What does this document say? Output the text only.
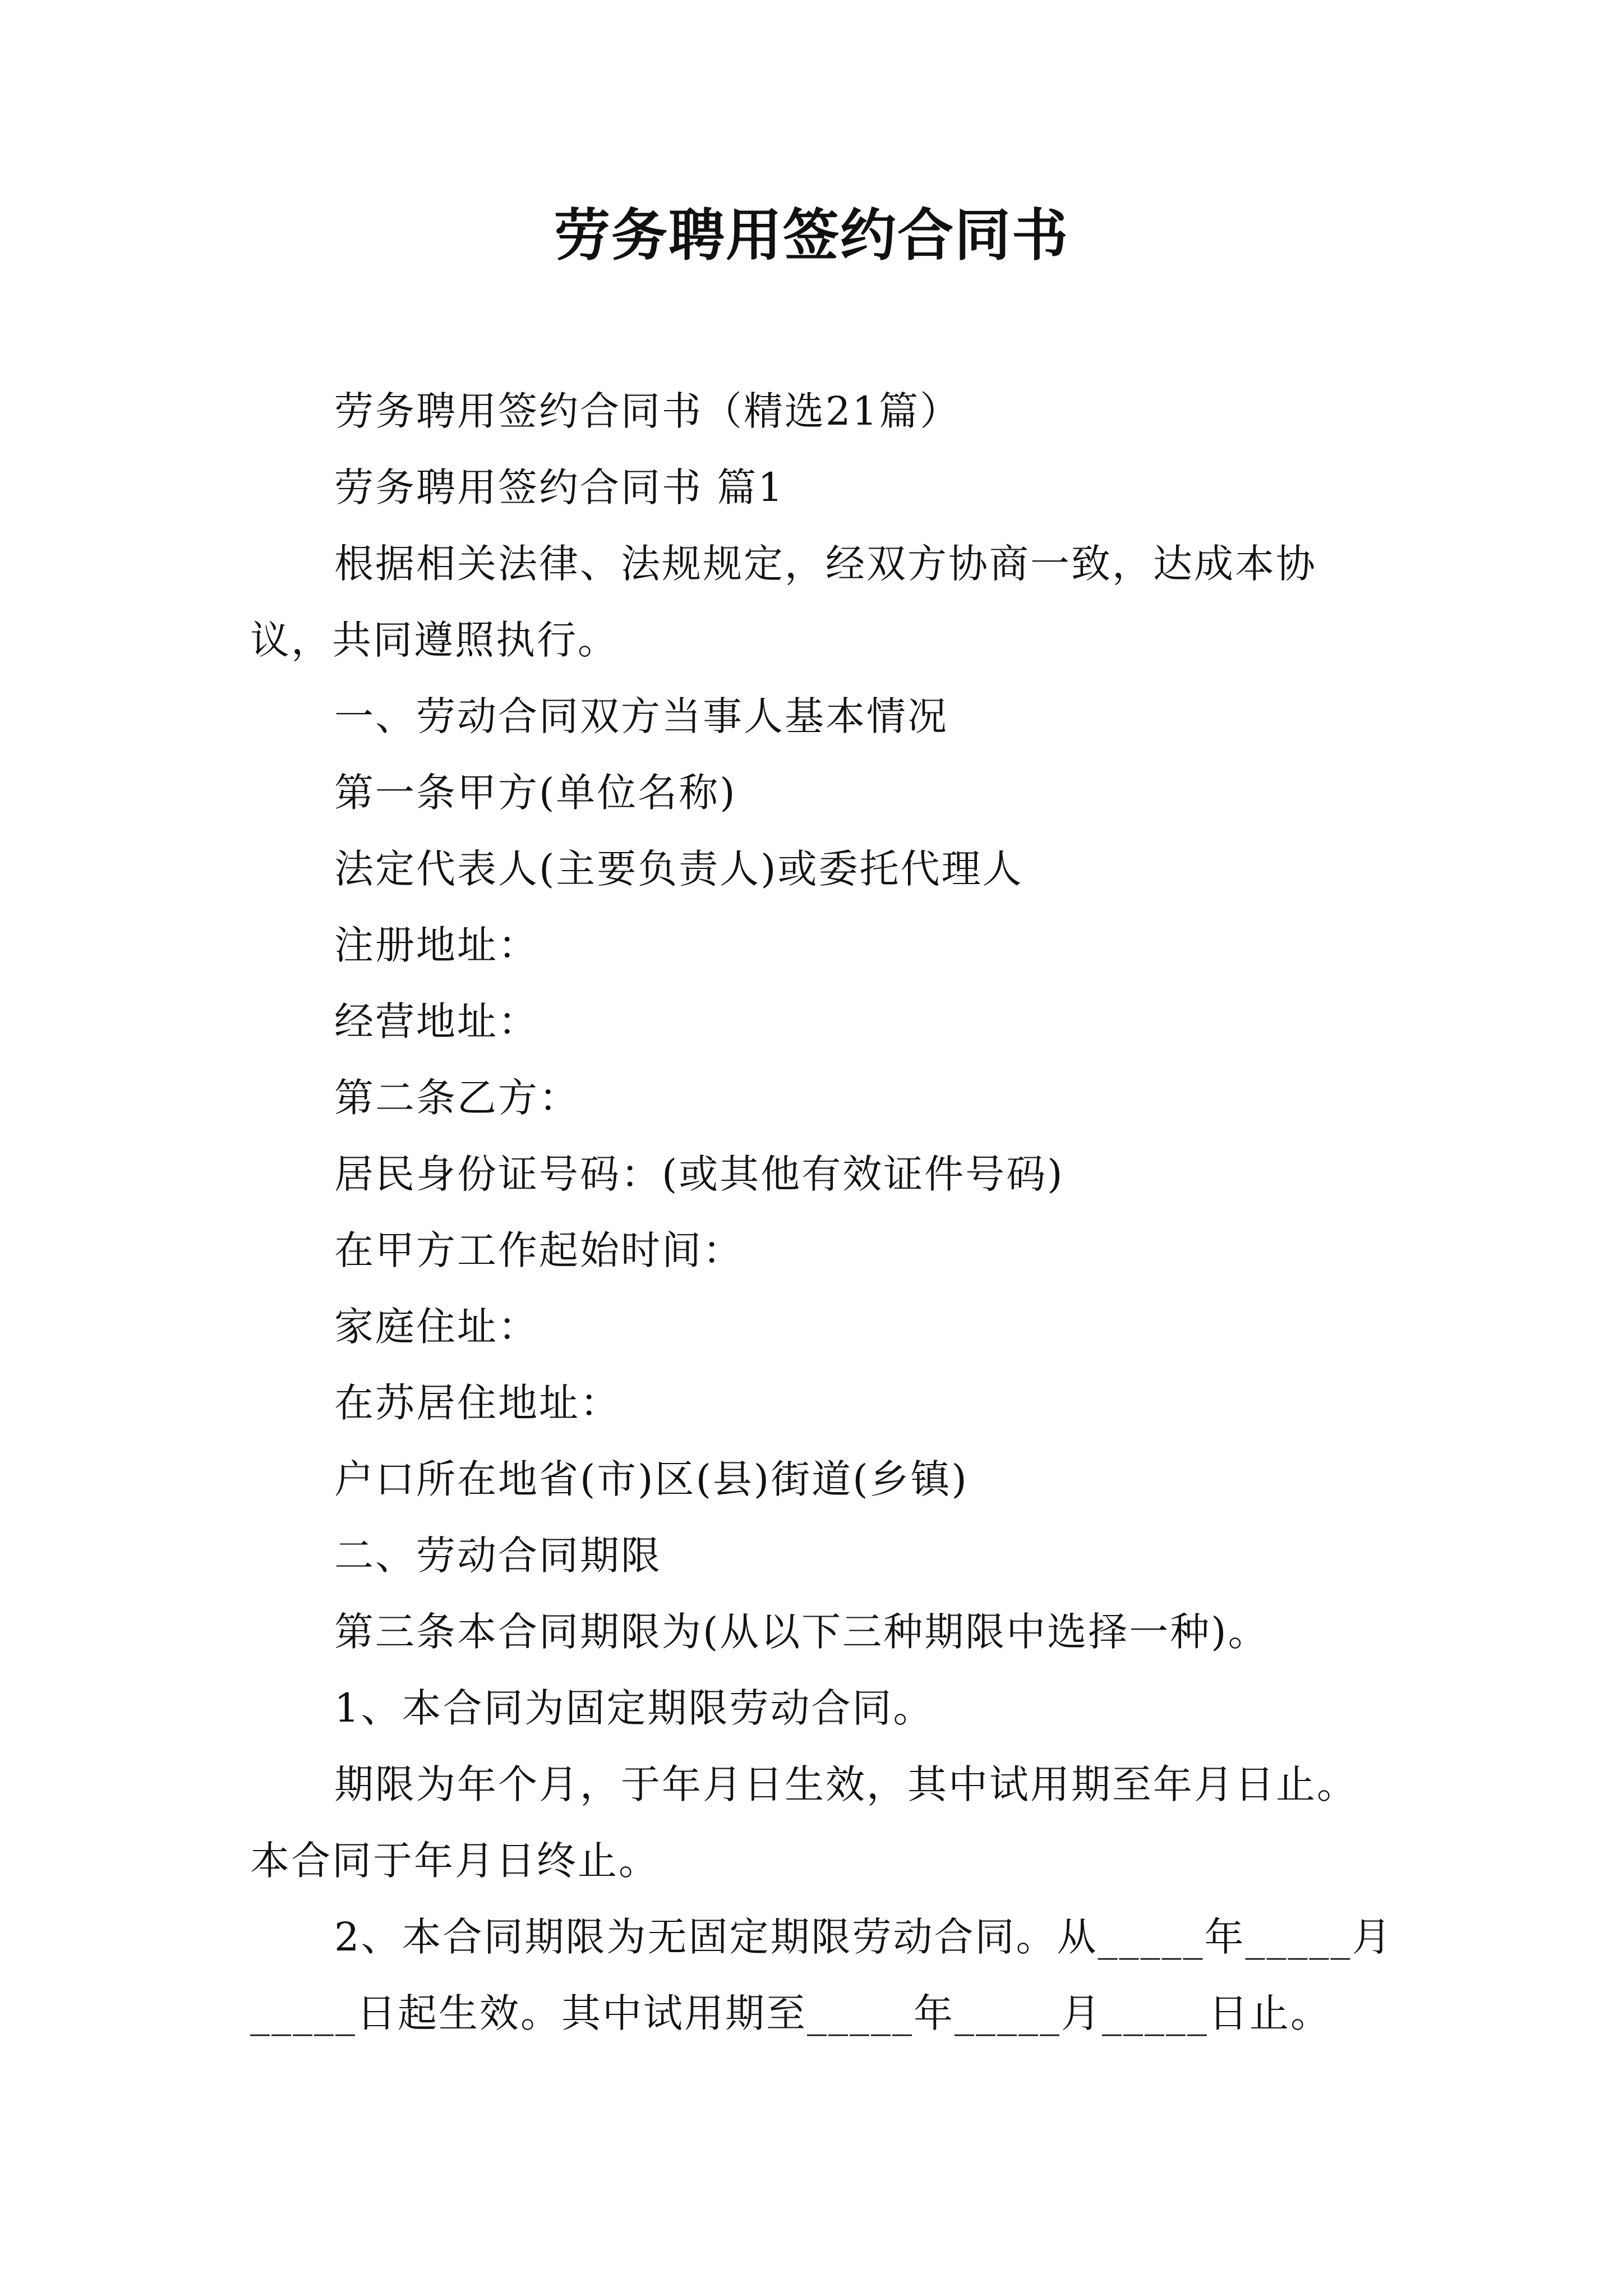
劳务聘用签约合同书

劳务聘用签约合同书（精选21篇）

劳务聘用签约合同书 篇1

根据相关法律、法规规定，经双方协商一致，达成本协议，共同遵照执行。

一、劳动合同双方当事人基本情况

第一条甲方(单位名称)

法定代表人(主要负责人)或委托代理人

注册地址：

经营地址：

第二条乙方：

居民身份证号码：(或其他有效证件号码)

在甲方工作起始时间：

家庭住址：

在苏居住地址：

户口所在地省(市)区(县)街道(乡镇)

二、劳动合同期限

第三条本合同期限为(从以下三种期限中选择一种)。

1、本合同为固定期限劳动合同。

期限为年个月，于年月日生效，其中试用期至年月日止。本合同于年月日终止。

2、本合同期限为无固定期限劳动合同。从_____年_____月_____日起生效。其中试用期至_____年_____月_____日止。
